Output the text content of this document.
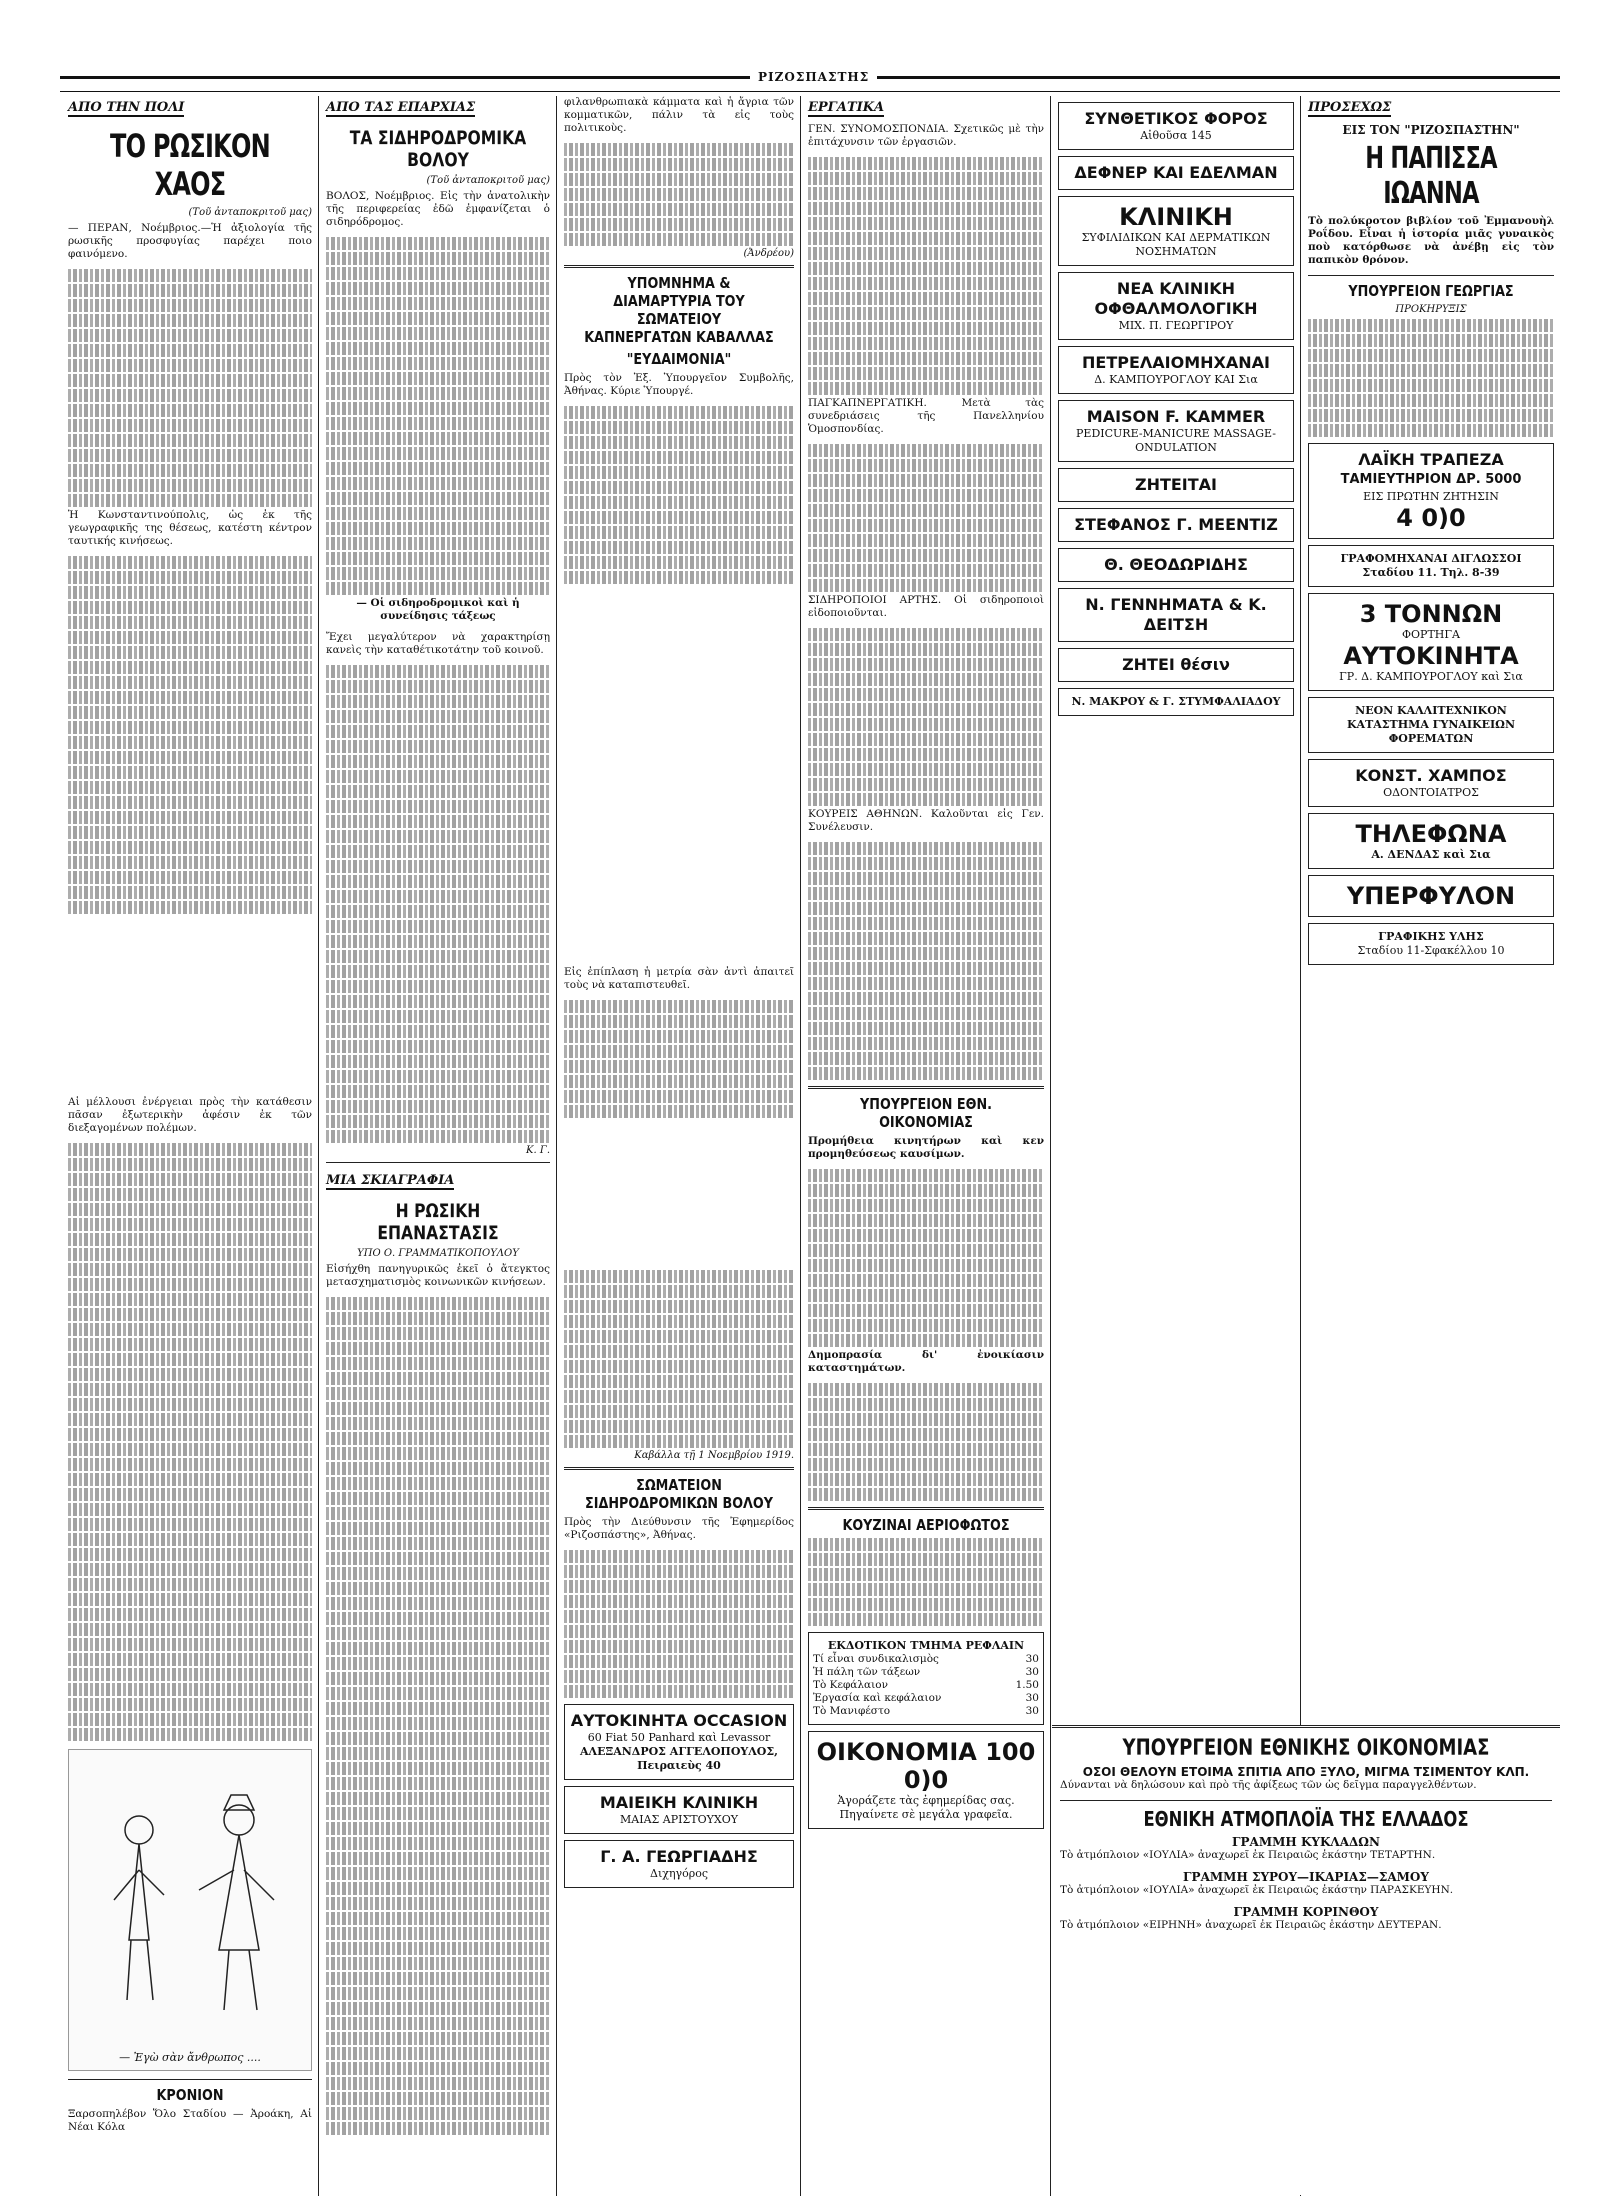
ΡΙΖΟΣΠΑΣΤΗΣ
ΑΠΟ ΤΗΝ ΠΟΛΙ
ΤΟ ΡΩΣΙΚΟΝ ΧΑΟΣ
(Τοῦ ἀνταποκριτοῦ μας)

— ΠΕΡΑΝ, Νοέμβριος.—Ἡ ἀξιολογία τῆς ρωσικῆς προσφυγίας παρέχει ποιο φαινόμενο.

Ἡ Κωνσταντινούπολις, ὡς ἐκ τῆς γεωγραφικῆς της θέσεως, κατέστη κέντρον ταυτικής κινήσεως.

Αἱ μέλλουσι ἐνέργειαι πρὸς τὴν κατάθεσιν πᾶσαν ἐξωτερικὴν ἀφέσιν ἐκ τῶν διεξαγομένων πολέμων.

— Ἐγὼ σὰν ἄνθρωπος ....
ΚΡΟΝΙΟΝ

Ξαρσοπηλέβον Ὅλο Σταδίου — Ἀροάκη, Αἱ Νέαι Κόλα

ΑΠΟ ΤΑΣ ΕΠΑΡΧΙΑΣ
ΤΑ ΣΙΔΗΡΟΔΡΟΜΙΚΑ ΒΟΛΟΥ
(Τοῦ ἀνταποκριτοῦ μας)

ΒΟΛΟΣ, Νοέμβριος. Εἰς τὴν ἀνατολικὴν τῆς περιφερείας ἐδῶ ἐμφανίζεται ὁ σιδηρόδρομος.

— Οἱ σιδηροδρομικοὶ καὶ ἡ συνείδησις τάξεως

Ἔχει μεγαλύτερον νὰ χαρακτηρίσῃ κανεὶς τὴν καταθέτικοτάτην τοῦ κοινοῦ.

Κ. Γ.
ΜΙΑ ΣΚΙΑΓΡΑΦΙΑ
Η ΡΩΣΙΚΗ ΕΠΑΝΑΣΤΑΣΙΣ
ΥΠΟ Ο. ΓΡΑΜΜΑΤΙΚΟΠΟΥΛΟΥ

Εἰσήχθη πανηγυρικῶς ἐκεῖ ὁ ἄτεγκτος μετασχηματισμὸς κοινωνικῶν κινήσεων.

φιλανθρωπιακὰ κάμματα καὶ ἡ ἄγρια τῶν κομματικῶν, πάλιν τὰ εἰς τοὺς πολιτικοὺς.

(Ἀνδρέου)
ΥΠΟΜΝΗΜΑ & ΔΙΑΜΑΡΤΥΡΙΑ ΤΟΥ ΣΩΜΑΤΕΙΟΥ ΚΑΠΝΕΡΓΑΤΩΝ ΚΑΒΑΛΛΑΣ
"ΕΥΔΑΙΜΟΝΙΑ"

Πρὸς τὸν Ἐξ. Ὑπουργεῖον Συμβολῆς, Ἀθήνας. Κύριε Ὑπουργέ.

Εἰς ἐπίπλαση ἡ μετρία σὰν ἀντὶ ἀπαιτεῖ τοὺς νὰ καταπιστευθεῖ.

Καβάλλα τῇ 1 Νοεμβρίου 1919.
ΣΩΜΑΤΕΙΟΝ ΣΙΔΗΡΟΔΡΟΜΙΚΩΝ ΒΟΛΟΥ

Πρὸς τὴν Διεύθυνσιν τῆς Ἐφημερίδος «Ριζοσπάστης», Ἀθήνας.

ΑΥΤΟΚΙΝΗΤΑ OCCASION
60 Fiat 50 Panhard καὶ Levassor
ΑΛΕΞΑΝΔΡΟΣ ΑΓΓΕΛΟΠΟΥΛΟΣ, Πειραιεὺς 40
ΜΑΙΕΙΚΗ ΚΛΙΝΙΚΗ
ΜΑΙΑΣ ΑΡΙΣΤΟΥΧΟΥ
Γ. Α. ΓΕΩΡΓΙΑΔΗΣ
Διχηγόρος
ΕΡΓΑΤΙΚΑ

ΓΕΝ. ΣΥΝΟΜΟΣΠΟΝΔΙΑ. Σχετικῶς μὲ τὴν ἐπιτάχυνσιν τῶν ἐργασιῶν.

ΠΑΓΚΑΠΝΕΡΓΑΤΙΚΗ. Μετὰ τὰς συνεδριάσεις τῆς Πανελληνίου Ὁμοσπονδίας.

ΣΙΔΗΡΟΠΟΙΟΙ ΑΡΤΗΣ. Οἱ σιδηροποιοὶ εἰδοποιοῦνται.

ΚΟΥΡΕΙΣ ΑΘΗΝΩΝ. Καλοῦνται εἰς Γεν. Συνέλευσιν.

ΥΠΟΥΡΓΕΙΟΝ ΕΘΝ. ΟΙΚΟΝΟΜΙΑΣ

Προμήθεια κινητήρων καὶ κεν προμηθεύσεως καυσίμων.

Δημοπρασία δι' ἐνοικίασιν καταστημάτων.

ΚΟΥΖΙΝΑΙ ΑΕΡΙΟΦΩΤΟΣ
ΕΚΔΟΤΙΚΟΝ ΤΜΗΜΑ ΡΕΦΛΑΙΝ
Τί εἶναι συνδικαλισμὸς	30
Ἡ πάλη τῶν τάξεων	30
Τὸ Κεφάλαιον	1.50
Ἐργασία καὶ κεφάλαιον	30
Τὸ Μανιφέστο	30
ΟΙΚΟΝΟΜΙΑ 100 0)0
Ἀγοράζετε τὰς ἐφημερίδας σας. Πηγαίνετε σὲ μεγάλα γραφεῖα.
ΣΥΝΘΕΤΙΚΟΣ ΦΟΡΟΣ
Αἰθοῦσα 145
ΔΕΦΝΕΡ ΚΑΙ ΕΔΕΛΜΑΝ
ΚΛΙΝΙΚΗ
ΣΥΦΙΛΙΔΙΚΩΝ ΚΑΙ ΔΕΡΜΑΤΙΚΩΝ ΝΟΣΗΜΑΤΩΝ
ΝΕΑ ΚΛΙΝΙΚΗ ΟΦΘΑΛΜΟΛΟΓΙΚΗ
ΜΙΧ. Π. ΓΕΩΡΓΙΡΟΥ
ΠΕΤΡΕΛΑΙΟΜΗΧΑΝΑΙ
Δ. ΚΑΜΠΟΥΡΟΓΛΟΥ ΚΑΙ Σια
MAISON F. KAMMER
PEDICURE-MANICURE MASSAGE-ONDULATION
ΖΗΤΕΙΤΑΙ
ΣΤΕΦΑΝΟΣ Γ. ΜΕΕΝΤΙΖ
Θ. ΘΕΟΔΩΡΙΔΗΣ
Ν. ΓΕΝΝΗΜΑΤΑ & Κ. ΔΕΙΤΣΗ
ΖΗΤΕΙ θέσιν
Ν. ΜΑΚΡΟΥ & Γ. ΣΤΥΜΦΑΛΙΑΔΟΥ
ΠΡΟΣΕΧΩΣ
ΕΙΣ ΤΟΝ "ΡΙΖΟΣΠΑΣΤΗΝ"
Η ΠΑΠΙΣΣΑ ΙΩΑΝΝΑ

Τὸ πολύκροτον βιβλίον τοῦ Ἐμμανουὴλ Ροΐδου. Εἶναι ἡ ἱστορία μιᾶς γυναικὸς ποὺ κατόρθωσε νὰ ἀνέβῃ εἰς τὸν παπικὸν θρόνον.

ΥΠΟΥΡΓΕΙΟΝ ΓΕΩΡΓΙΑΣ
ΠΡΟΚΗΡΥΞΙΣ
ΛΑΪΚΗ ΤΡΑΠΕΖΑ
ΤΑΜΙΕΥΤΗΡΙΟΝ ΔΡ. 5000
ΕΙΣ ΠΡΩΤΗΝ ΖΗΤΗΣΙΝ
4 0)0
ΓΡΑΦΟΜΗΧΑΝΑΙ ΔΙΓΛΩΣΣΟΙ
Σταδίου 11. Τηλ. 8-39
3 ΤΟΝΝΩΝ
ΦΟΡΤΗΓΑ
ΑΥΤΟΚΙΝΗΤΑ
ΓΡ. Δ. ΚΑΜΠΟΥΡΟΓΛΟΥ καὶ Σια
ΝΕΟΝ ΚΑΛΛΙΤΕΧΝΙΚΟΝ ΚΑΤΑΣΤΗΜΑ ΓΥΝΑΙΚΕΙΩΝ ΦΟΡΕΜΑΤΩΝ
ΚΟΝΣΤ. ΧΑΜΠΟΣ
ΟΔΟΝΤΟΙΑΤΡΟΣ
ΤΗΛΕΦΩΝΑ
Α. ΔΕΝΔΑΣ καὶ Σια
ΥΠΕΡΦΥΛΟΝ
ΓΡΑΦΙΚΗΣ ΥΛΗΣ
Σταδίου 11-Σφακέλλου 10
ΥΠΟΥΡΓΕΙΟΝ ΕΘΝΙΚΗΣ ΟΙΚΟΝΟΜΙΑΣ
ΟΣΟΙ ΘΕΛΟΥΝ ΕΤΟΙΜΑ ΣΠΙΤΙΑ ΑΠΟ ΞΥΛΟ, ΜΙΓΜΑ ΤΣΙΜΕΝΤΟΥ ΚΛΠ.

Δύνανται νὰ δηλώσουν καὶ πρὸ τῆς ἀφίξεως τῶν ὡς δεῖγμα παραγγελθέντων.

ΕΘΝΙΚΗ ΑΤΜΟΠΛΟΪΑ ΤΗΣ ΕΛΛΑΔΟΣ
ΓΡΑΜΜΗ ΚΥΚΛΑΔΩΝ

Τὸ ἀτμόπλοιον «ΙΟΥΛΙΑ» ἀναχωρεῖ ἐκ Πειραιῶς ἑκάστην ΤΕΤΑΡΤΗΝ.

ΓΡΑΜΜΗ ΣΥΡΟΥ—ΙΚΑΡΙΑΣ—ΣΑΜΟΥ

Τὸ ἀτμόπλοιον «ΙΟΥΛΙΑ» ἀναχωρεῖ ἐκ Πειραιῶς ἑκάστην ΠΑΡΑΣΚΕΥΗΝ.

ΓΡΑΜΜΗ ΚΟΡΙΝΘΟΥ

Τὸ ἀτμόπλοιον «ΕΙΡΗΝΗ» ἀναχωρεῖ ἐκ Πειραιῶς ἑκάστην ΔΕΥΤΕΡΑΝ.
